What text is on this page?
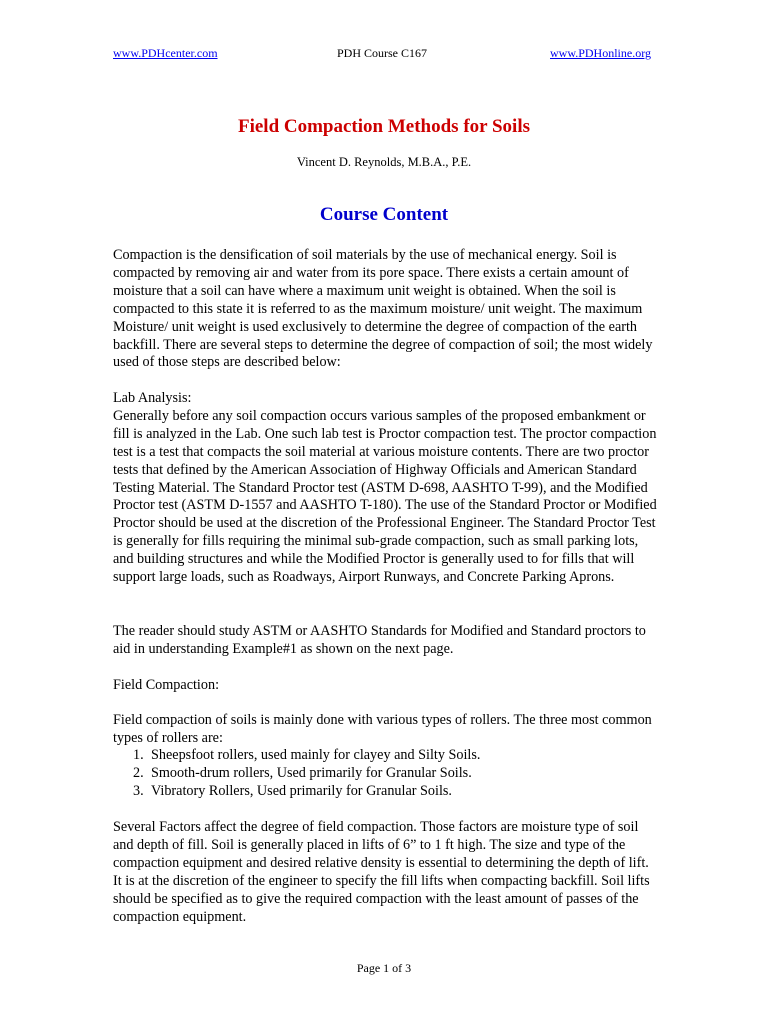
www.PDHcenter.com	PDH Course C167	www.PDHonline.org
Field Compaction Methods for Soils
Vincent D. Reynolds, M.B.A., P.E.
Course Content

Compaction is the densification of soil materials by the use of mechanical energy. Soil is compacted by removing air and water from its pore space. There exists a certain amount of moisture that a soil can have where a maximum unit weight is obtained. When the soil is compacted to this state it is referred to as the maximum moisture/ unit weight. The maximum Moisture/ unit weight is used exclusively to determine the degree of compaction of the earth backfill. There are several steps to determine the degree of compaction of soil; the most widely used of those steps are described below:

Lab Analysis:
Generally before any soil compaction occurs various samples of the proposed embankment or fill is analyzed in the Lab. One such lab test is Proctor compaction test. The proctor compaction test is a test that compacts the soil material at various moisture contents. There are two proctor tests that defined by the American Association of Highway Officials and American Standard Testing Material. The Standard Proctor test (ASTM D-698, AASHTO T-99), and the Modified Proctor test (ASTM D-1557 and AASHTO T-180). The use of the Standard Proctor or Modified Proctor should be used at the discretion of the Professional Engineer. The Standard Proctor Test is generally for fills requiring the minimal sub-grade compaction, such as small parking lots, and building structures and while the Modified Proctor is generally used to for fills that will support large loads, such as Roadways, Airport Runways, and Concrete Parking Aprons.

The reader should study ASTM or AASHTO Standards for Modified and Standard proctors to aid in understanding Example#1 as shown on the next page.

Field Compaction:

Field compaction of soils is mainly done with various types of rollers. The three most common types of rollers are:

1. Sheepsfoot rollers, used mainly for clayey and Silty Soils.
2. Smooth-drum rollers, Used primarily for Granular Soils.
3. Vibratory Rollers, Used primarily for Granular Soils.

Several Factors affect the degree of field compaction. Those factors are moisture type of soil and depth of fill. Soil is generally placed in lifts of 6” to 1 ft high. The size and type of the compaction equipment and desired relative density is essential to determining the depth of lift. It is at the discretion of the engineer to specify the fill lifts when compacting backfill. Soil lifts should be specified as to give the required compaction with the least amount of passes of the compaction equipment.

Page 1 of 3
